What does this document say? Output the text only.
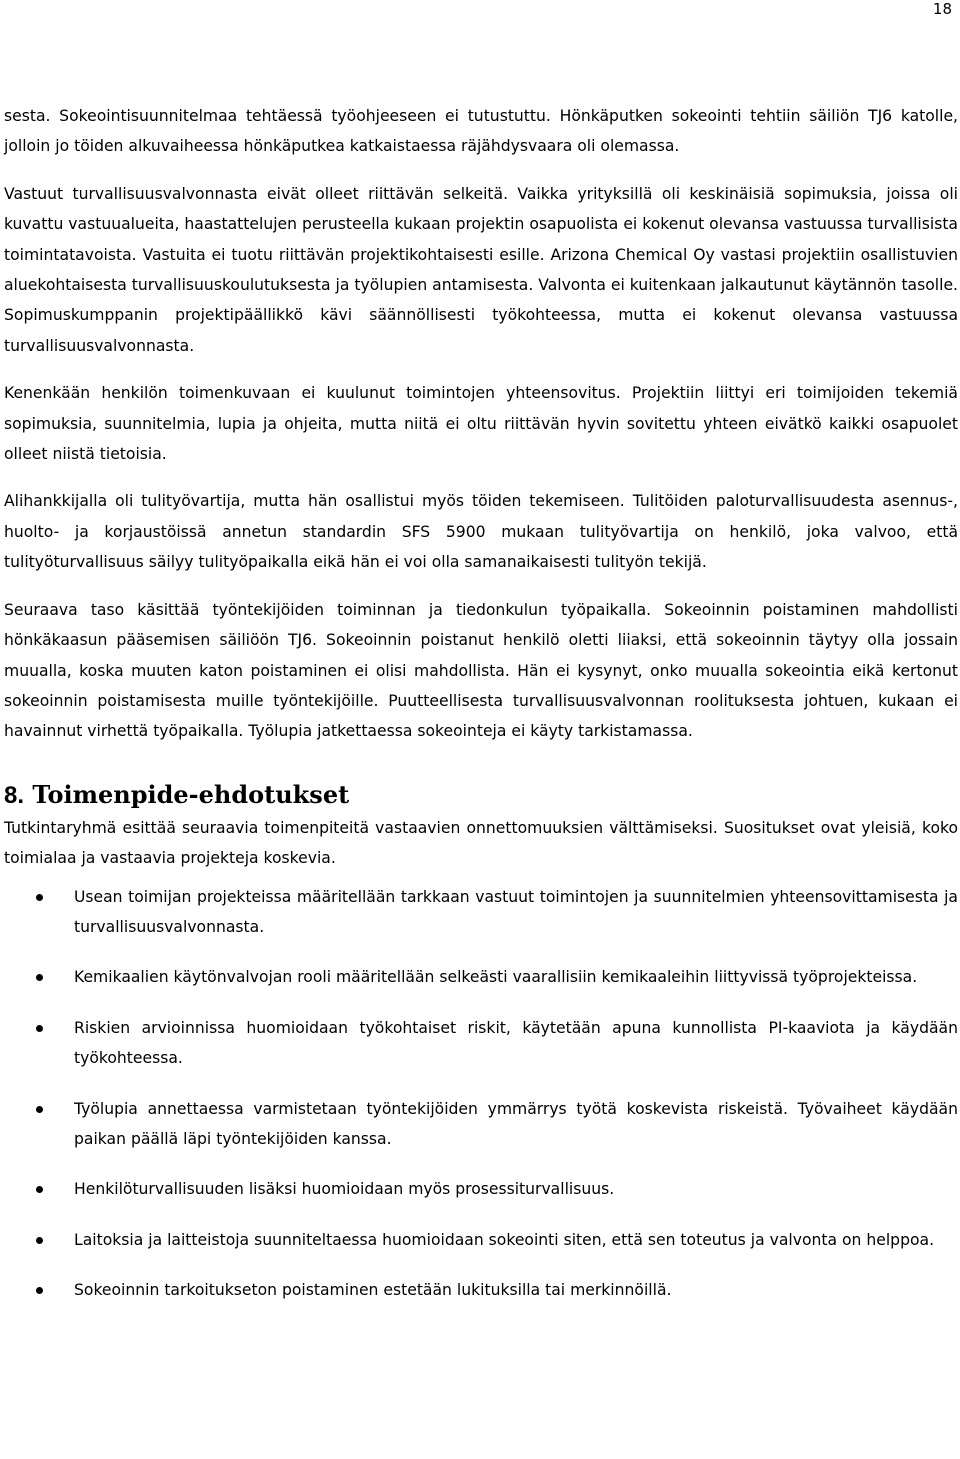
18

sesta. Sokeointisuunnitelmaa tehtäessä työohjeeseen ei tutustuttu. Hönkäputken sokeointi tehtiin säiliön TJ6 katolle, jolloin jo töiden alkuvaiheessa hönkäputkea katkaistaessa räjähdysvaara oli olemassa.

Vastuut turvallisuusvalvonnasta eivät olleet riittävän selkeitä. Vaikka yrityksillä oli keskinäisiä sopimuksia, joissa oli kuvattu vastuualueita, haastattelujen perusteella kukaan projektin osapuolista ei kokenut olevansa vastuussa turvallisista toimintatavoista. Vastuita ei tuotu riittävän projektikohtaisesti esille. Arizona Chemical Oy vastasi projektiin osallistuvien aluekohtaisesta turvallisuuskoulutuksesta ja työlupien antamisesta. Valvonta ei kuitenkaan jalkautunut käytännön tasolle. Sopimuskumppanin projektipäällikkö kävi säännöllisesti työkohteessa, mutta ei kokenut olevansa vastuussa turvallisuusvalvonnasta.

Kenenkään henkilön toimenkuvaan ei kuulunut toimintojen yhteensovitus. Projektiin liittyi eri toimijoiden tekemiä sopimuksia, suunnitelmia, lupia ja ohjeita, mutta niitä ei oltu riittävän hyvin sovitettu yhteen eivätkö kaikki osapuolet olleet niistä tietoisia.

Alihankkijalla oli tulityövartija, mutta hän osallistui myös töiden tekemiseen. Tulitöiden paloturvallisuudesta asennus-, huolto- ja korjaustöissä annetun standardin SFS 5900 mukaan tulityövartija on henkilö, joka valvoo, että tulityöturvallisuus säilyy tulityöpaikalla eikä hän ei voi olla samanaikaisesti tulityön tekijä.

Seuraava taso käsittää työntekijöiden toiminnan ja tiedonkulun työpaikalla. Sokeoinnin poistaminen mahdollisti hönkäkaasun pääsemisen säiliöön TJ6. Sokeoinnin poistanut henkilö oletti liiaksi, että sokeoinnin täytyy olla jossain muualla, koska muuten katon poistaminen ei olisi mahdollista. Hän ei kysynyt, onko muualla sokeointia eikä kertonut sokeoinnin poistamisesta muille työntekijöille. Puutteellisesta turvallisuusvalvonnan roolituksesta johtuen, kukaan ei havainnut virhettä työpaikalla. Työlupia jatkettaessa sokeointeja ei käyty tarkistamassa.

8. Toimenpide-ehdotukset

Tutkintaryhmä esittää seuraavia toimenpiteitä vastaavien onnettomuuksien välttämiseksi. Suositukset ovat yleisiä, koko toimialaa ja vastaavia projekteja koskevia.

Usean toimijan projekteissa määritellään tarkkaan vastuut toimintojen ja suunnitelmien yhteensovittamisesta ja turvallisuusvalvonnasta.
Kemikaalien käytönvalvojan rooli määritellään selkeästi vaarallisiin kemikaaleihin liittyvissä työprojekteissa.
Riskien arvioinnissa huomioidaan työkohtaiset riskit, käytetään apuna kunnollista PI-kaaviota ja käydään työkohteessa.
Työlupia annettaessa varmistetaan työntekijöiden ymmärrys työtä koskevista riskeistä. Työvaiheet käydään paikan päällä läpi työntekijöiden kanssa.
Henkilöturvallisuuden lisäksi huomioidaan myös prosessiturvallisuus.
Laitoksia ja laitteistoja suunniteltaessa huomioidaan sokeointi siten, että sen toteutus ja valvonta on helppoa.
Sokeoinnin tarkoitukseton poistaminen estetään lukituksilla tai merkinnöillä.
